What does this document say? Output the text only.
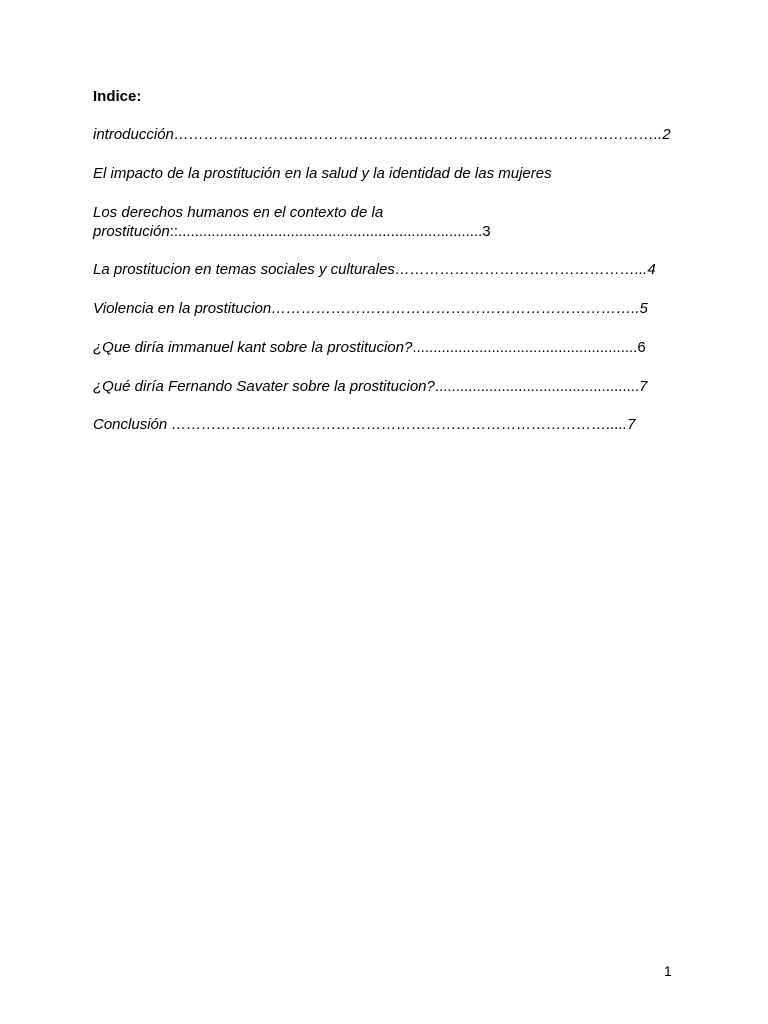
Indice:
introducción……………………………………………………………………………………..2
El impacto de la prostitución en la salud y la identidad de las mujeres
Los derechos humanos en el contexto de la
prostitución::.........................................................................3
La prostitucion en temas sociales y culturales…………………………………………...4
Violencia en la prostitucion………………………………………………………………..5
¿Que diría immanuel kant sobre la prostitucion?......................................................6
¿Qué diría Fernando Savater sobre la prostitucion?.................................................7
Conclusión …………………………………………………………………………….....7
1
